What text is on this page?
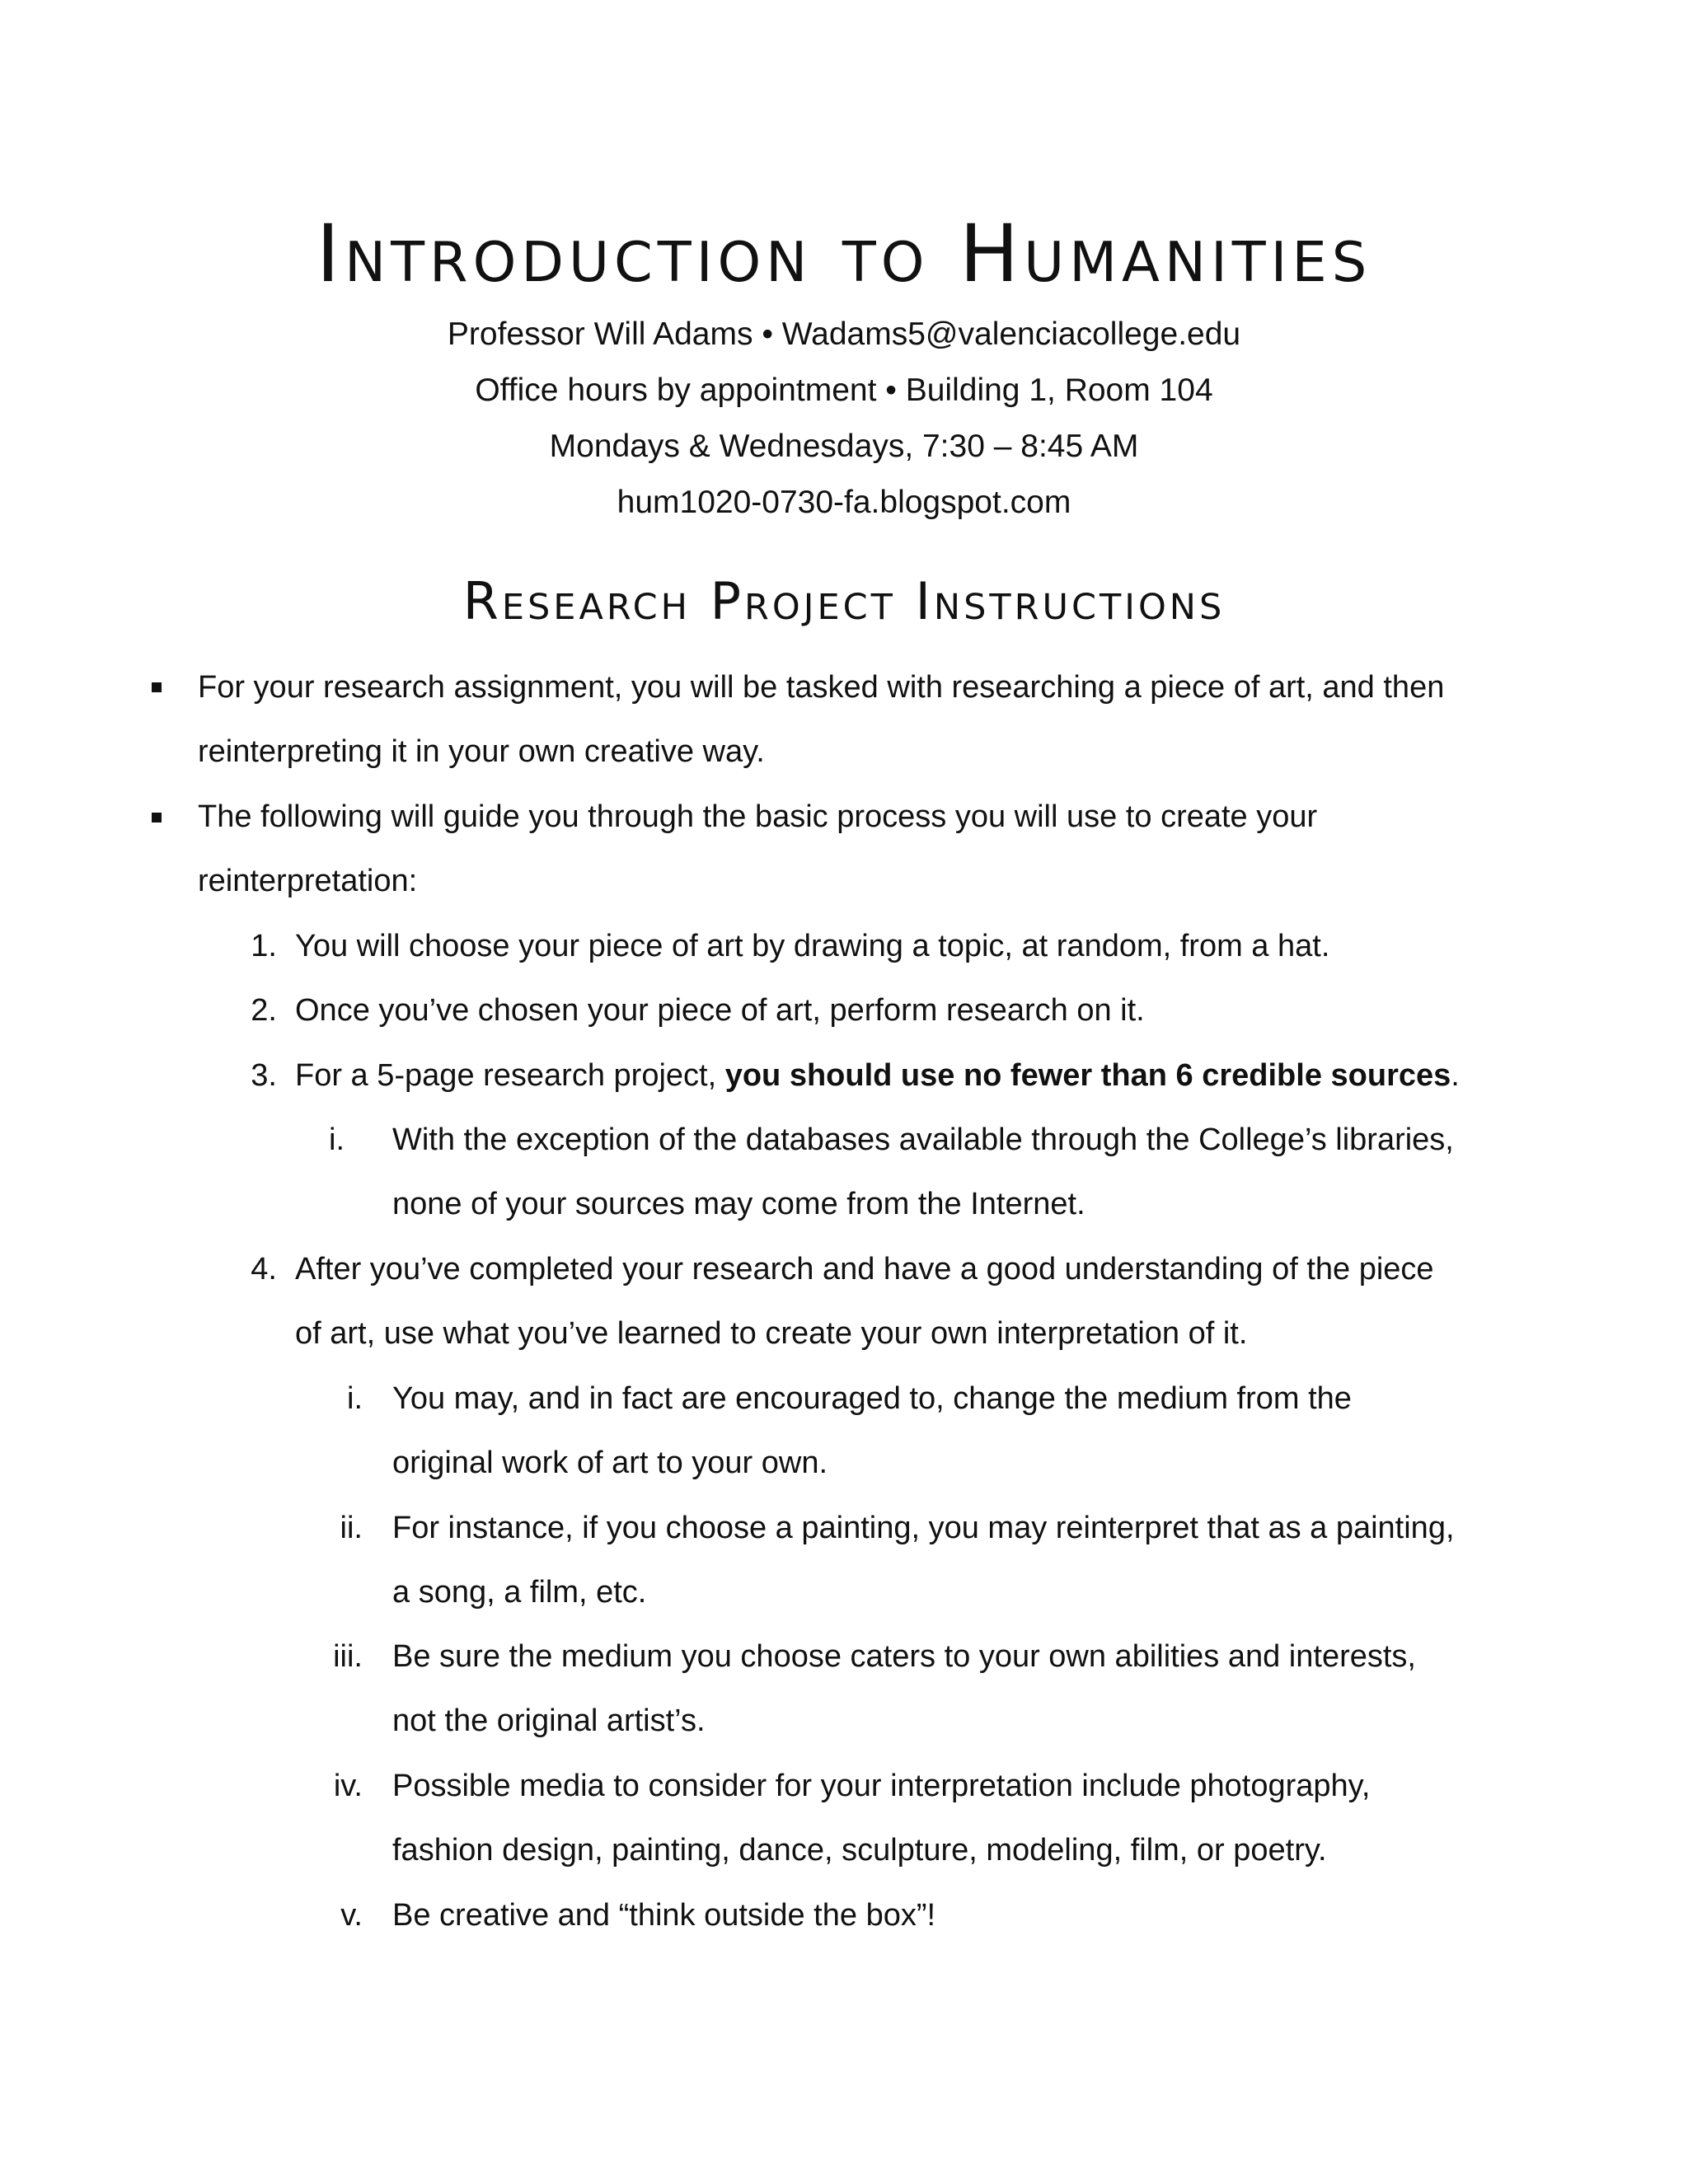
Introduction to Humanities
Professor Will Adams • Wadams5@valenciacollege.edu
Office hours by appointment • Building 1, Room 104
Mondays & Wednesdays, 7:30 – 8:45 AM
hum1020-0730-fa.blogspot.com
Research Project Instructions
For your research assignment, you will be tasked with researching a piece of art, and then
reinterpreting it in your own creative way.
The following will guide you through the basic process you will use to create your
reinterpretation:
1. You will choose your piece of art by drawing a topic, at random, from a hat.
2. Once you’ve chosen your piece of art, perform research on it.
3. For a 5-page research project, you should use no fewer than 6 credible sources.
i. With the exception of the databases available through the College’s libraries,
none of your sources may come from the Internet.
4. After you’ve completed your research and have a good understanding of the piece
of art, use what you’ve learned to create your own interpretation of it.
i. You may, and in fact are encouraged to, change the medium from the
original work of art to your own.
ii. For instance, if you choose a painting, you may reinterpret that as a painting,
a song, a film, etc.
iii. Be sure the medium you choose caters to your own abilities and interests,
not the original artist’s.
iv. Possible media to consider for your interpretation include photography,
fashion design, painting, dance, sculpture, modeling, film, or poetry.
v. Be creative and “think outside the box”!
